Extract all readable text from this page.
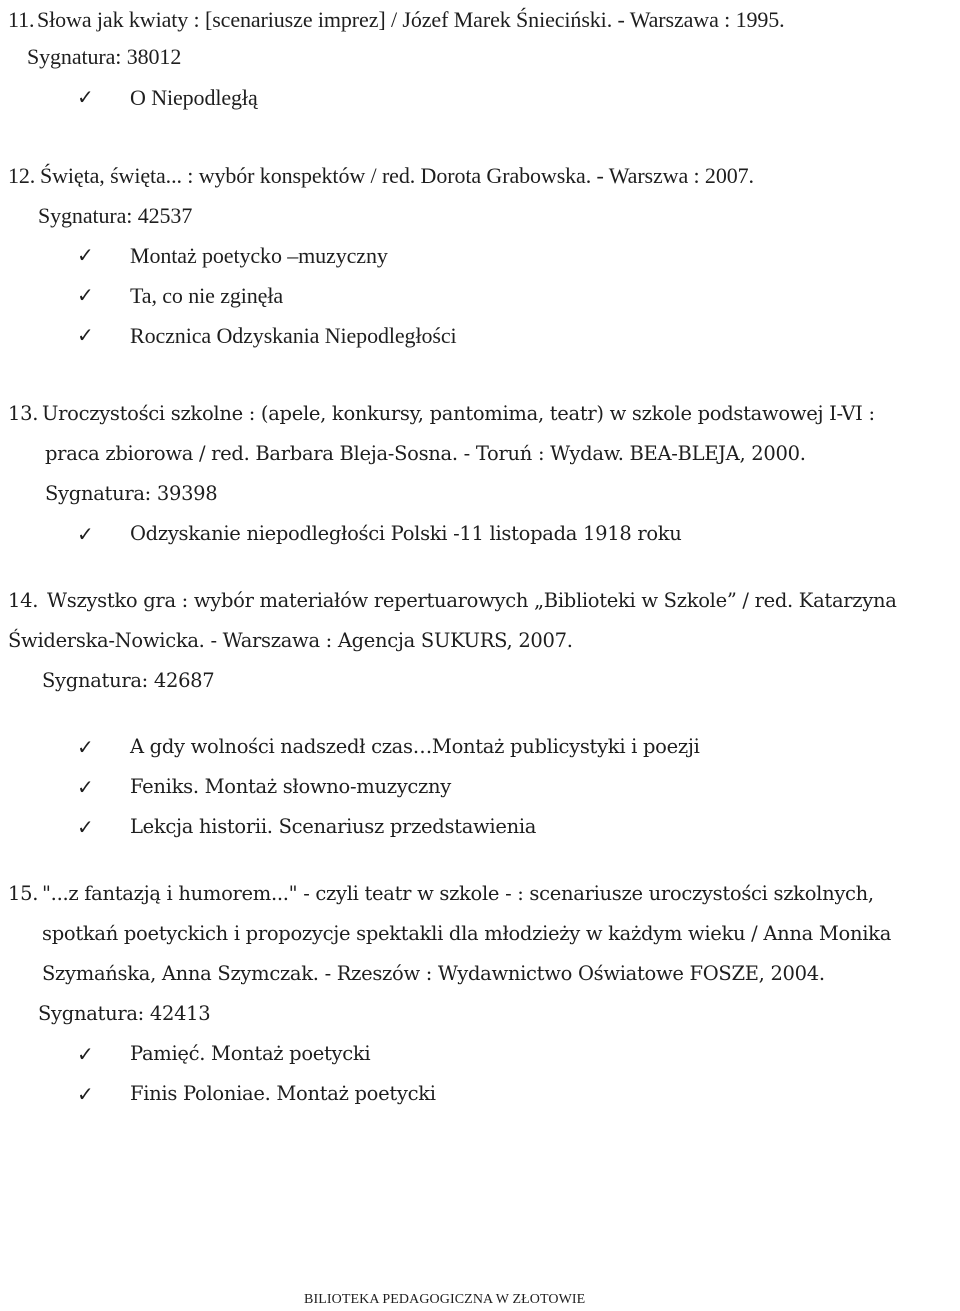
11. Słowa jak kwiaty : [scenariusze imprez] / Józef Marek Śnieciński. - Warszawa : 1995.
Sygnatura: 38012
✓ O Niepodległą
12. Święta, święta... : wybór konspektów / red. Dorota Grabowska. - Warszwa : 2007.
Sygnatura: 42537
✓ Montaż poetycko –muzyczny
✓ Ta, co nie zginęła
✓ Rocznica Odzyskania Niepodległości
13. Uroczystości szkolne : (apele, konkursy, pantomima, teatr) w szkole podstawowej I-VI :
praca zbiorowa / red. Barbara Bleja-Sosna. - Toruń : Wydaw. BEA-BLEJA, 2000.
Sygnatura: 39398
✓ Odzyskanie niepodległości Polski -11 listopada 1918 roku
14. Wszystko gra : wybór materiałów repertuarowych „Biblioteki w Szkole” / red. Katarzyna
Świderska-Nowicka. - Warszawa : Agencja SUKURS, 2007.
Sygnatura: 42687
✓ A gdy wolności nadszedł czas…Montaż publicystyki i poezji
✓ Feniks. Montaż słowno-muzyczny
✓ Lekcja historii. Scenariusz przedstawienia
15. "...z fantazją i humorem..." - czyli teatr w szkole - : scenariusze uroczystości szkolnych,
spotkań poetyckich i propozycje spektakli dla młodzieży w każdym wieku / Anna Monika
Szymańska, Anna Szymczak. - Rzeszów : Wydawnictwo Oświatowe FOSZE, 2004.
Sygnatura: 42413
✓ Pamięć. Montaż poetycki
✓ Finis Poloniae. Montaż poetycki
BILIOTEKA PEDAGOGICZNA W ZŁOTOWIE
